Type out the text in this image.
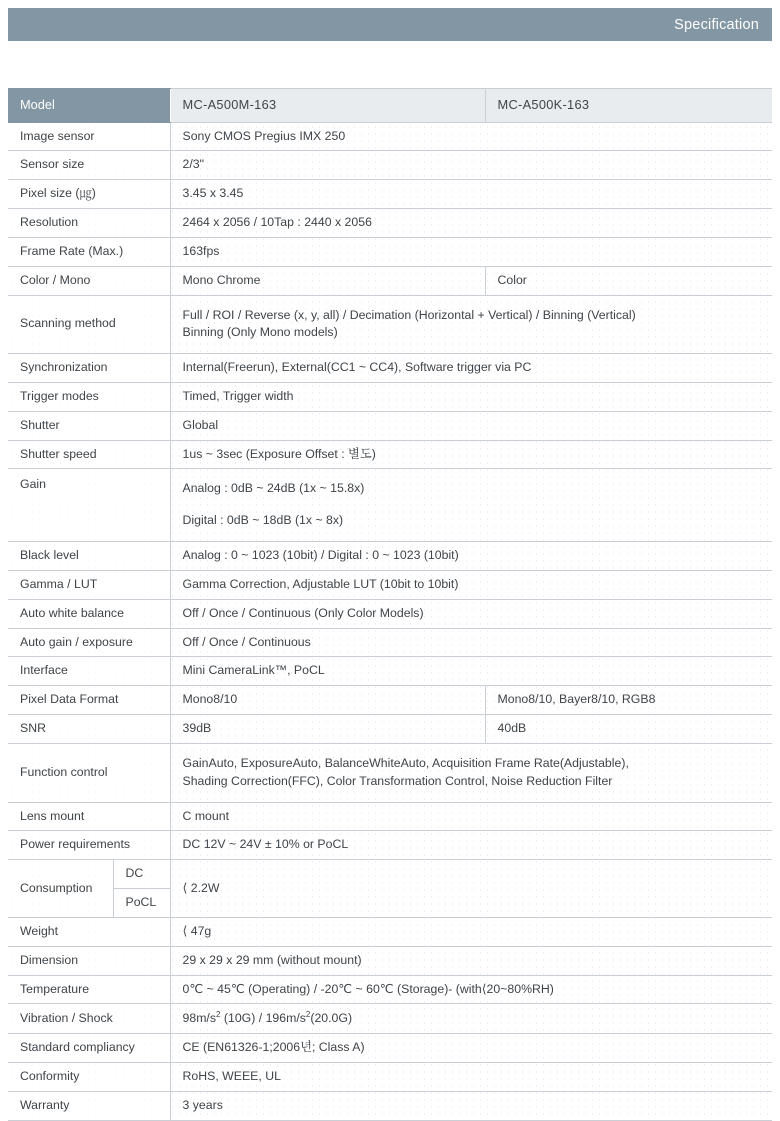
Specification
Model		MC-A500M-163	MC-A500K-163
Image sensor		Sony CMOS Pregius IMX 250	
Sensor size		2/3"	
Pixel size (㎍)		3.45 x 3.45	
Resolution		2464 x 2056 / 10Tap : 2440 x 2056	
Frame Rate (Max.)		163fps	
Color / Mono		Mono Chrome	Color
Scanning method		Full / ROI / Reverse (x, y, all) / Decimation (Horizontal + Vertical) / Binning (Vertical)
Binning (Only Mono models)	

Synchronization		Internal(Freerun), External(CC1 ~ CC4), Software trigger via PC	
Trigger modes		Timed, Trigger width	
Shutter		Global	
Shutter speed		1us ~ 3sec (Exposure Offset : 별도)	
Gain		Analog : 0dB ~ 24dB (1x ~ 15.8x)
Digital : 0dB ~ 18dB (1x ~ 8x)	

Black level		Analog : 0 ~ 1023 (10bit) / Digital : 0 ~ 1023 (10bit)	
Gamma / LUT		Gamma Correction, Adjustable LUT (10bit to 10bit)	
Auto white balance		Off / Once / Continuous (Only Color Models)	
Auto gain / exposure		Off / Once / Continuous	
Interface		Mini CameraLink™, PoCL	
Pixel Data Format		Mono8/10	Mono8/10, Bayer8/10, RGB8
SNR		39dB	40dB
Function control		GainAuto, ExposureAuto, BalanceWhiteAuto, Acquisition Frame Rate(Adjustable),
Shading Correction(FFC), Color Transformation Control, Noise Reduction Filter	

Lens mount		C mount	
Power requirements		DC 12V ~ 24V ± 10% or PoCL	
Consumption	DC	⟨ 2.2W	
	PoCL		
Weight		⟨ 47g	
Dimension		29 x 29 x 29 mm (without mount)	
Temperature		0℃ ~ 45℃ (Operating) / -20℃ ~ 60℃ (Storage)- (with⟨20~80%RH)	
Vibration / Shock		$98m/s^2$ $(10G) / 196m/s^2(20.0G)$	
Standard compliancy		CE (EN61326-1;2006년; Class A)	
Conformity		RoHS, WEEE, UL	
Warranty		3 years	
